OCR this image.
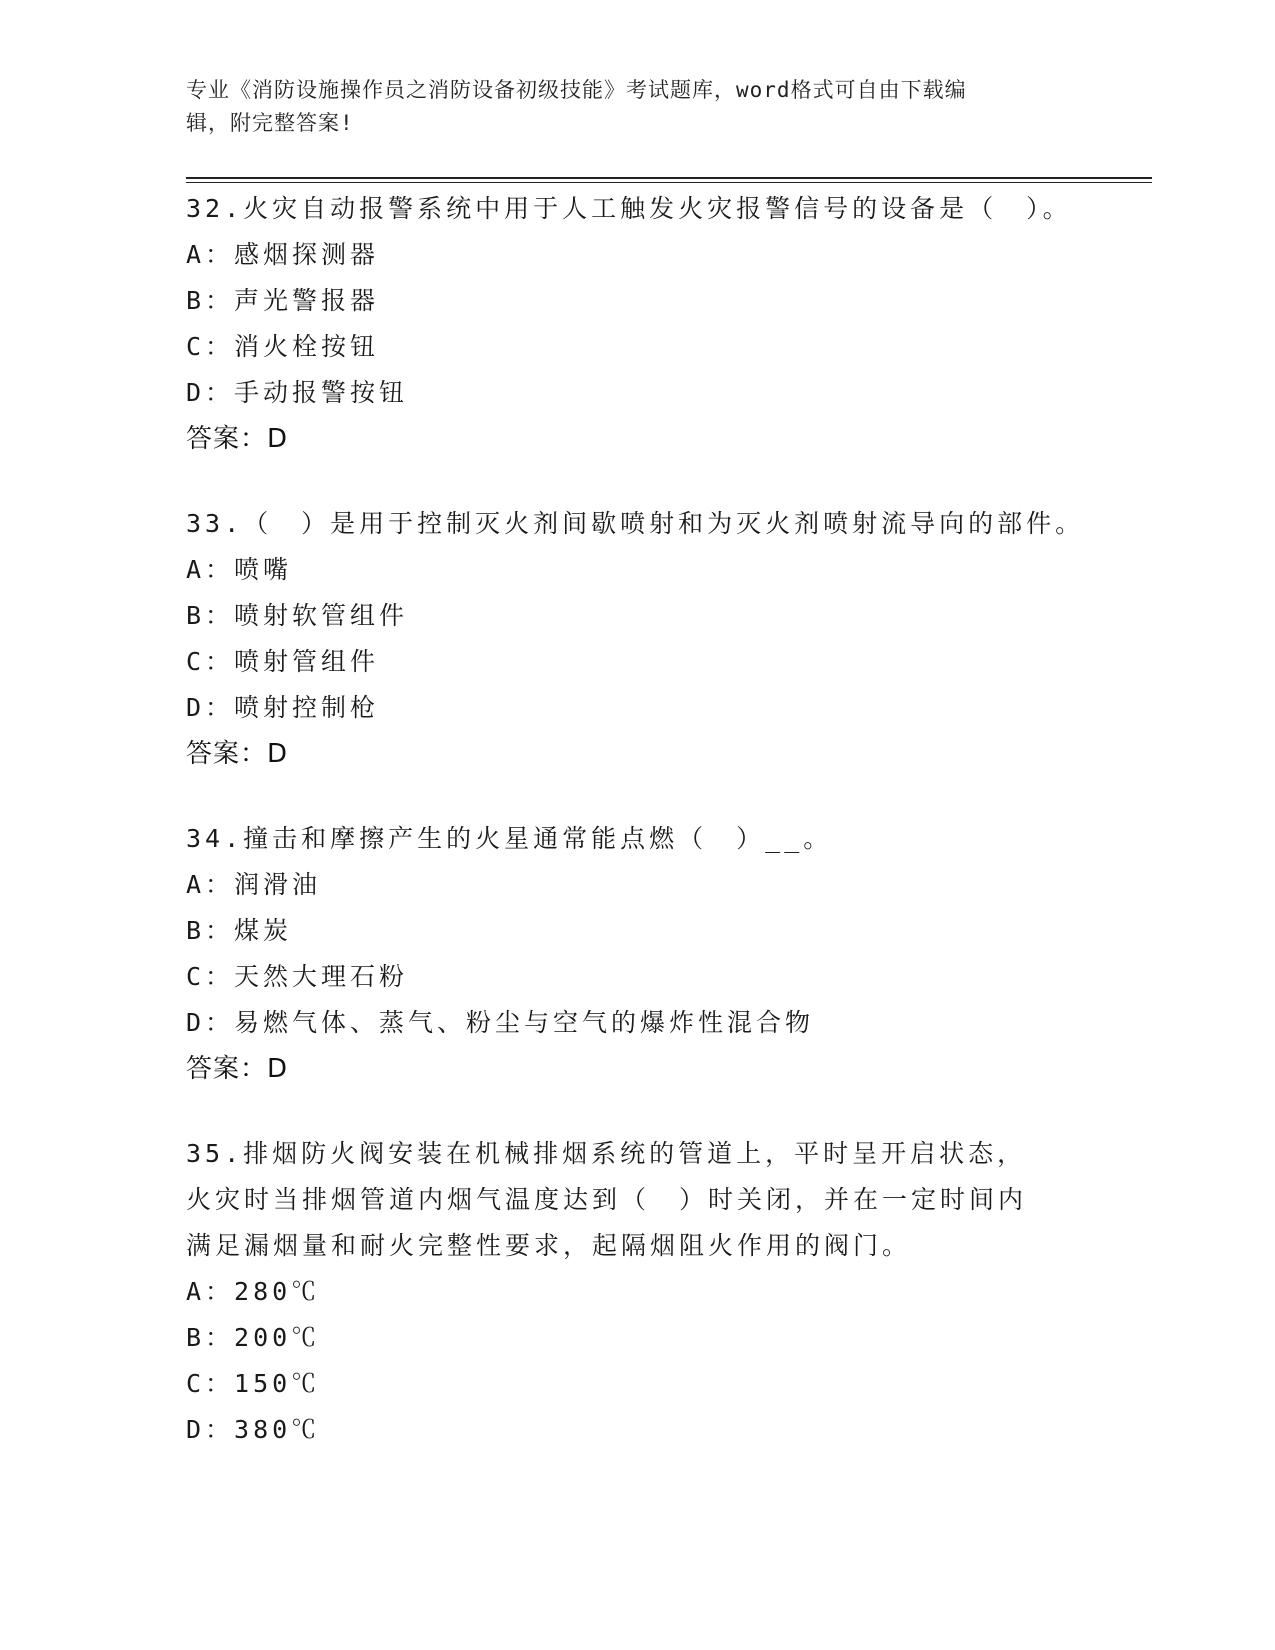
专业《消防设施操作员之消防设备初级技能》考试题库，word格式可自由下载编
辑，附完整答案!
32.火灾自动报警系统中用于人工触发火灾报警信号的设备是（　）。
A：感烟探测器
B：声光警报器
C：消火栓按钮
D：手动报警按钮
答案：D
33.（　）是用于控制灭火剂间歇喷射和为灭火剂喷射流导向的部件。
A：喷嘴
B：喷射软管组件
C：喷射管组件
D：喷射控制枪
答案：D
34.撞击和摩擦产生的火星通常能点燃（　）__。
A：润滑油
B：煤炭
C：天然大理石粉
D：易燃气体、蒸气、粉尘与空气的爆炸性混合物
答案：D
35.排烟防火阀安装在机械排烟系统的管道上，平时呈开启状态，火灾时当排烟管道内烟气温度达到（　）时关闭，并在一定时间内满足漏烟量和耐火完整性要求，起隔烟阻火作用的阀门。
A：280℃
B：200℃
C：150℃
D：380℃
